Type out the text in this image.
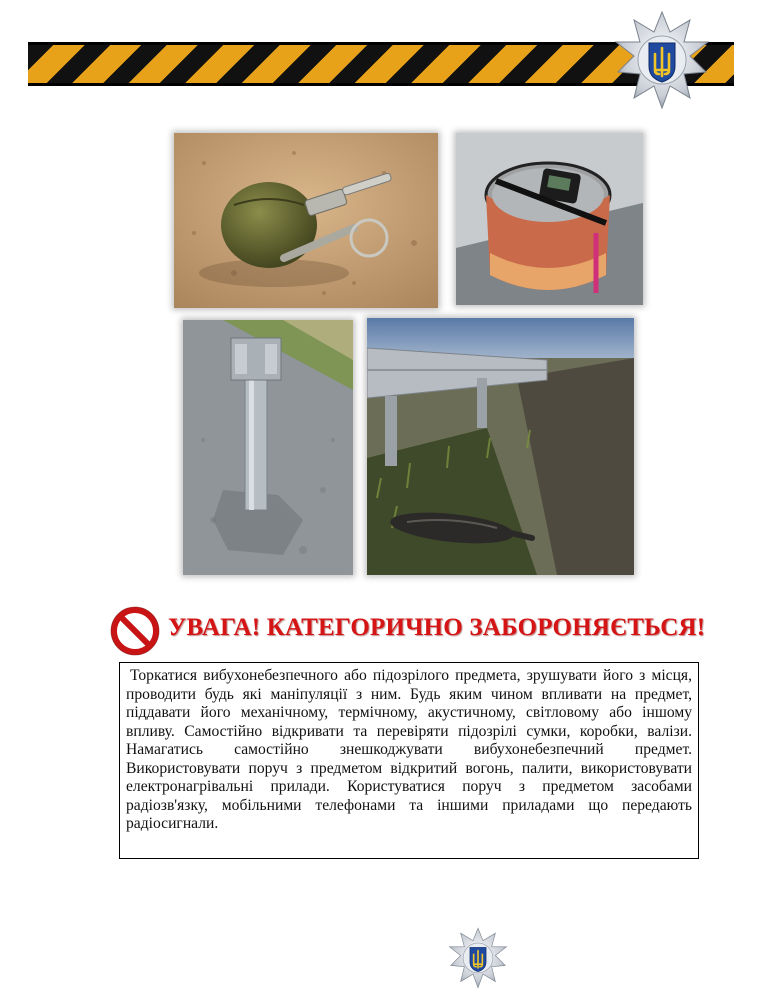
УВАГА! КАТЕГОРИЧНО ЗАБОРОНЯЄТЬСЯ!

Торкатися вибухонебезпечного або підозрілого предмета, зрушувати його з місця, проводити будь які маніпуляції з ним. Будь яким чином впливати на предмет, піддавати його механічному, термічному, акустичному, світловому або іншому впливу. Самостійно відкривати та перевіряти підозрілі сумки, коробки, валізи. Намагатись самостійно знешкоджувати вибухонебезпечний предмет. Використовувати поруч з предметом відкритий вогонь, палити, використовувати електронагрівальні прилади. Користуватися поруч з предметом засобами радіозв'язку, мобільними телефонами та іншими приладами що передають радіосигнали.
